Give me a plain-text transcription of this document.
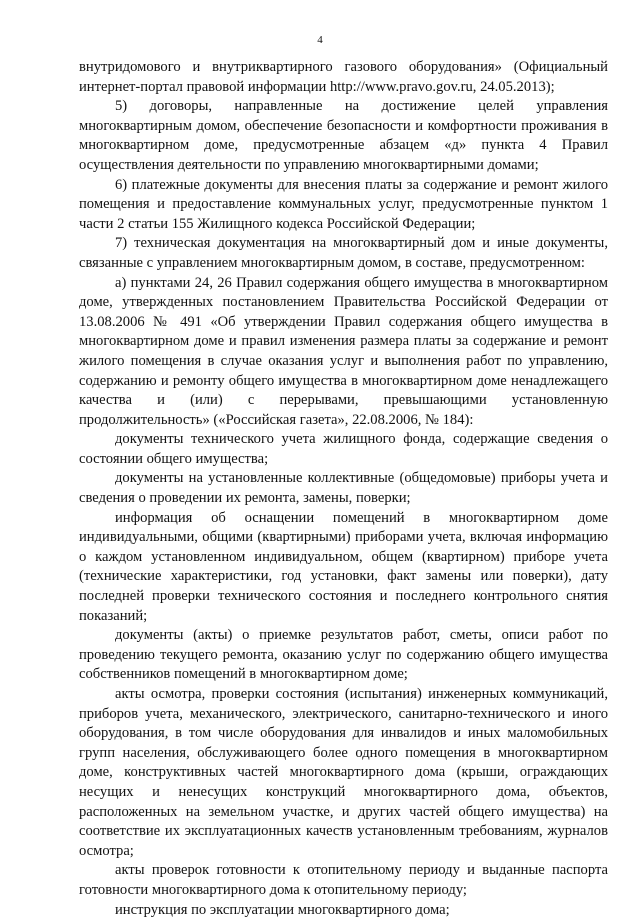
4

внутридомового и внутриквартирного газового оборудования» (Официальный интернет-портал правовой информации http://www.pravo.gov.ru, 24.05.2013);

5) договоры, направленные на достижение целей управления многоквартирным домом, обеспечение безопасности и комфортности проживания в многоквартирном доме, предусмотренные абзацем «д» пункта 4 Правил осуществления деятельности по управлению многоквартирными домами;

6) платежные документы для внесения платы за содержание и ремонт жилого помещения и предоставление коммунальных услуг, предусмотренные пунктом 1 части 2 статьи 155 Жилищного кодекса Российской Федерации;

7) техническая документация на многоквартирный дом и иные документы, связанные с управлением многоквартирным домом, в составе, предусмотренном:

а) пунктами 24, 26 Правил содержания общего имущества в многоквартирном доме, утвержденных постановлением Правительства Российской Федерации от 13.08.2006 № 491 «Об утверждении Правил содержания общего имущества в многоквартирном доме и правил изменения размера платы за содержание и ремонт жилого помещения в случае оказания услуг и выполнения работ по управлению, содержанию и ремонту общего имущества в многоквартирном доме ненадлежащего качества и (или) с перерывами, превышающими установленную продолжительность» («Российская газета», 22.08.2006, № 184):

документы технического учета жилищного фонда, содержащие сведения о состоянии общего имущества;

документы на установленные коллективные (общедомовые) приборы учета и сведения о проведении их ремонта, замены, поверки;

информация об оснащении помещений в многоквартирном доме индивидуальными, общими (квартирными) приборами учета, включая информацию о каждом установленном индивидуальном, общем (квартирном) приборе учета (технические характеристики, год установки, факт замены или поверки), дату последней проверки технического состояния и последнего контрольного снятия показаний;

документы (акты) о приемке результатов работ, сметы, описи работ по проведению текущего ремонта, оказанию услуг по содержанию общего имущества собственников помещений в многоквартирном доме;

акты осмотра, проверки состояния (испытания) инженерных коммуникаций, приборов учета, механического, электрического, санитарно-технического и иного оборудования, в том числе оборудования для инвалидов и иных маломобильных групп населения, обслуживающего более одного помещения в многоквартирном доме, конструктивных частей многоквартирного дома (крыши, ограждающих несущих и ненесущих конструкций многоквартирного дома, объектов, расположенных на земельном участке, и других частей общего имущества) на соответствие их эксплуатационных качеств установленным требованиям, журналов осмотра;

акты проверок готовности к отопительному периоду и выданные паспорта готовности многоквартирного дома к отопительному периоду;

инструкция по эксплуатации многоквартирного дома;
